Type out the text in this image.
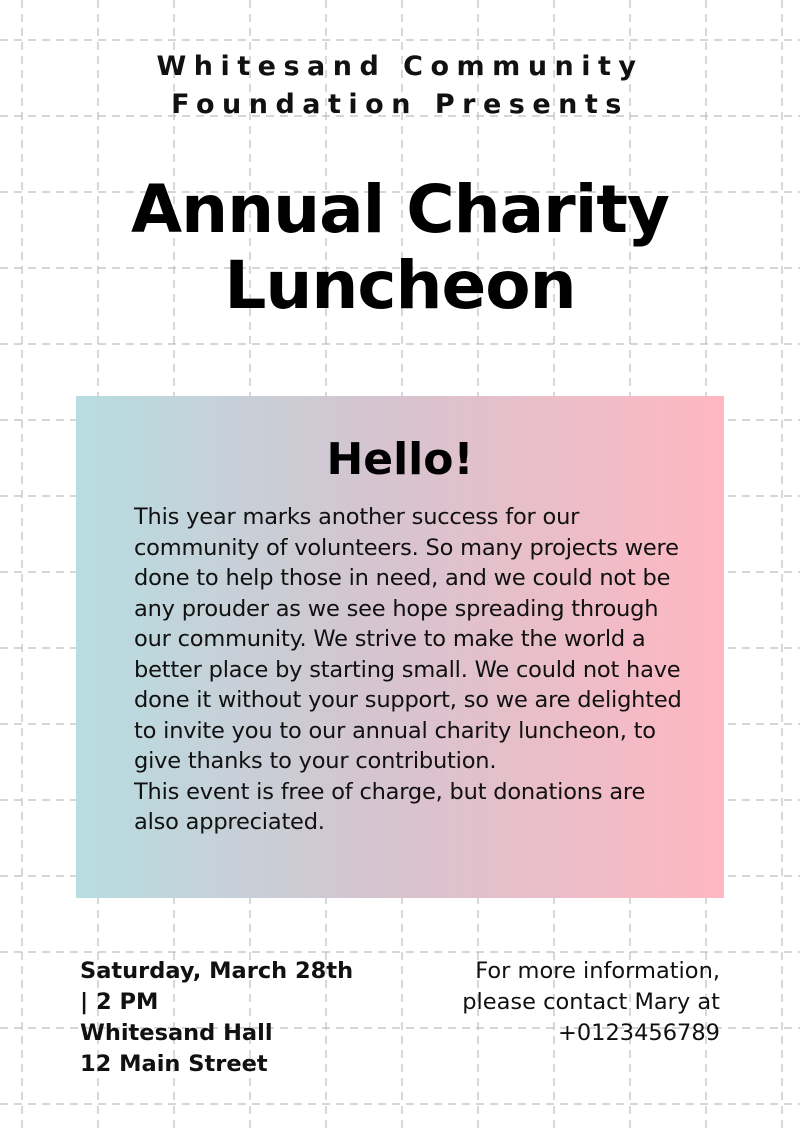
Whitesand Community
Foundation Presents
Annual Charity
Luncheon
Hello!

This year marks another success for our community of volunteers. So many projects were done to help those in need, and we could not be any prouder as we see hope spreading through our community. We strive to make the world a better place by starting small. We could not have done it without your support, so we are delighted to invite you to our annual charity luncheon, to give thanks to your contribution.

This event is free of charge, but donations are also appreciated.

Saturday, March 28th
| 2 PM
Whitesand Hall
12 Main Street
For more information,
please contact Mary at
+0123456789
